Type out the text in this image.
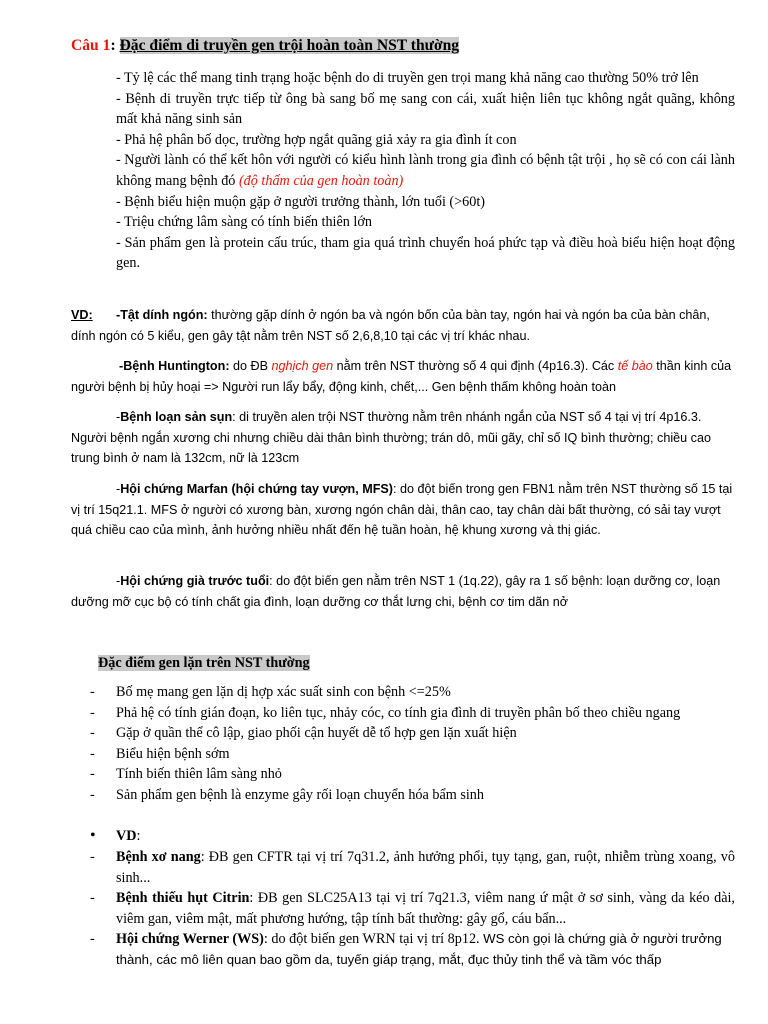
Câu 1: Đặc điểm di truyền gen trội hoàn toàn NST thường
- Tỷ lệ các thể mang tinh trạng hoặc bệnh do di truyền gen trọi mang khả năng cao thường 50% trở lên
- Bệnh di truyền trực tiếp từ ông bà sang bố mẹ sang con cái, xuất hiện liên tục không ngắt quãng, không mất khả năng sinh sản
- Phả hệ phân bố dọc, trường hợp ngắt quãng giả xảy ra gia đình ít con
- Người lành có thể kết hôn với người có kiểu hình lành trong gia đình có bệnh tật trội , họ sẽ có con cái lành không mang bệnh đó (độ thấm của gen hoàn toàn)
- Bệnh biểu hiện muộn gặp ở người trưởng thành, lớn tuổi (>60t)
- Triệu chứng lâm sàng có tính biến thiên lớn
- Sản phẩm gen là protein cấu trúc, tham gia quá trình chuyển hoá phức tạp và điều hoà biểu hiện hoạt động gen.
VD: -Tật dính ngón: thường gặp dính ở ngón ba và ngón bốn của bàn tay, ngón hai và ngón ba của bàn chân, dính ngón có 5 kiểu, gen gây tật nằm trên NST số 2,6,8,10 tại các vị trí khác nhau.
-Bệnh Huntington: do ĐB nghịch gen nằm trên NST thường số 4 qui định (4p16.3). Các tế bào thần kinh của người bệnh bị hủy hoại => Người run lẩy bẩy, động kinh, chết,... Gen bệnh thấm không hoàn toàn
-Bệnh loạn sản sụn: di truyền alen trội NST thường nằm trên nhánh ngắn của NST số 4 tại vị trí 4p16.3. Người bệnh ngắn xương chi nhưng chiều dài thân bình thường; trán dô, mũi gãy, chỉ số IQ bình thường; chiều cao trung bình ở nam là 132cm, nữ là 123cm
-Hội chứng Marfan (hội chứng tay vượn, MFS): do đột biến trong gen FBN1 nằm trên NST thường số 15 tại vị trí 15q21.1. MFS ở người có xương bàn, xương ngón chân dài, thân cao, tay chân dài bất thường, có sải tay vượt quá chiều cao của mình, ảnh hưởng nhiều nhất đến hệ tuần hoàn, hệ khung xương và thị giác.
-Hội chứng già trước tuổi: do đột biến gen nằm trên NST 1 (1q.22), gây ra 1 số bệnh: loạn dưỡng cơ, loạn dưỡng mỡ cục bộ có tính chất gia đình, loạn dưỡng cơ thắt lưng chi, bệnh cơ tim dãn nở
Đặc điểm gen lặn trên NST thường
-	Bố mẹ mang gen lặn dị hợp xác suất sinh con bệnh <=25%
-	Phả hệ có tính gián đoạn, ko liên tục, nhảy cóc, co tính gia đình di truyền phân bố theo chiều ngang
-	Gặp ở quần thể cô lập, giao phối cận huyết dễ tổ hợp gen lặn xuất hiện
-	Biểu hiện bệnh sớm
-	Tính biến thiên lâm sàng nhỏ
-	Sản phẩm gen bệnh là enzyme gây rối loạn chuyển hóa bẩm sinh
• VD:
-	Bệnh xơ nang: ĐB gen CFTR tại vị trí 7q31.2, ảnh hưởng phổi, tụy tạng, gan, ruột, nhiễm trùng xoang, vô sinh...
-	Bệnh thiếu hụt Citrin: ĐB gen SLC25A13 tại vị trí 7q21.3, viêm nang ứ mật ở sơ sinh, vàng da kéo dài, viêm gan, viêm mật, mất phương hướng, tập tính bất thường: gây gổ, cáu bẩn...
-	Hội chứng Werner (WS): do đột biến gen WRN tại vị trí 8p12. WS còn gọi là chứng già ở người trưởng thành, các mô liên quan bao gồm da, tuyến giáp trạng, mắt, đục thủy tinh thể và tầm vóc thấp
